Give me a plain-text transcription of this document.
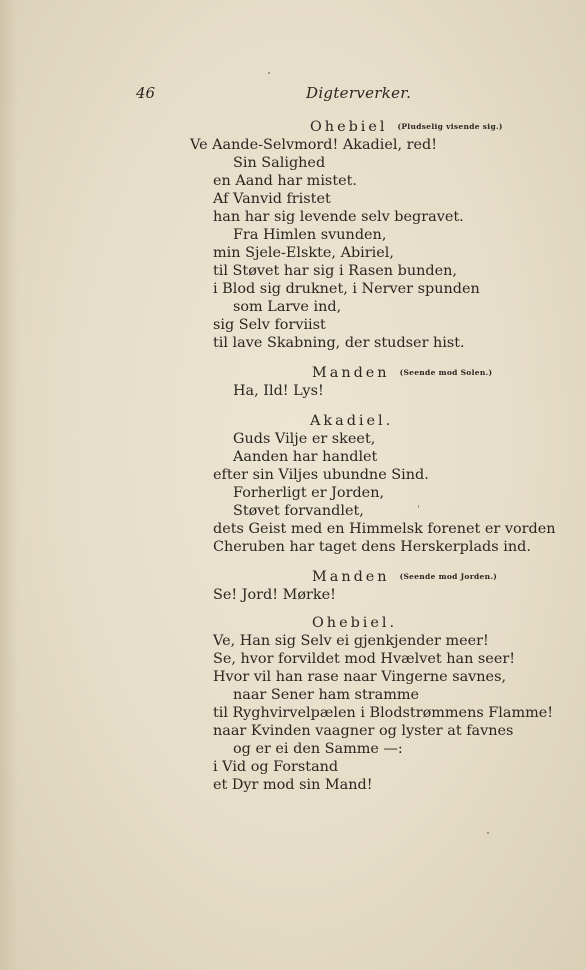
46	Digterverker.
Ohebiel (Pludselig visende sig.)
Ve Aande-Selvmord! Akadiel, red!
Sin Salighed
en Aand har mistet.
Af Vanvid fristet
han har sig levende selv begravet.
Fra Himlen svunden,
min Sjele-Elskte, Abiriel,
til Støvet har sig i Rasen bunden,
i Blod sig druknet, i Nerver spunden
som Larve ind,
sig Selv forviist
til lave Skabning, der studser hist.
Manden (Seende mod Solen.)
Ha, Ild! Lys!
Akadiel.
Guds Vilje er skeet,
Aanden har handlet
efter sin Viljes ubundne Sind.
Forherligt er Jorden,
Støvet forvandlet,
dets Geist med en Himmelsk forenet er vorden
Cheruben har taget dens Herskerplads ind.
Manden (Seende mod Jorden.)
Se! Jord! Mørke!
Ohebiel.
Ve, Han sig Selv ei gjenkjender meer!
Se, hvor forvildet mod Hvælvet han seer!
Hvor vil han rase naar Vingerne savnes,
naar Sener ham stramme
til Ryghvirvelpælen i Blodstrømmens Flamme!
naar Kvinden vaagner og lyster at favnes
og er ei den Samme —:
i Vid og Forstand
et Dyr mod sin Mand!
